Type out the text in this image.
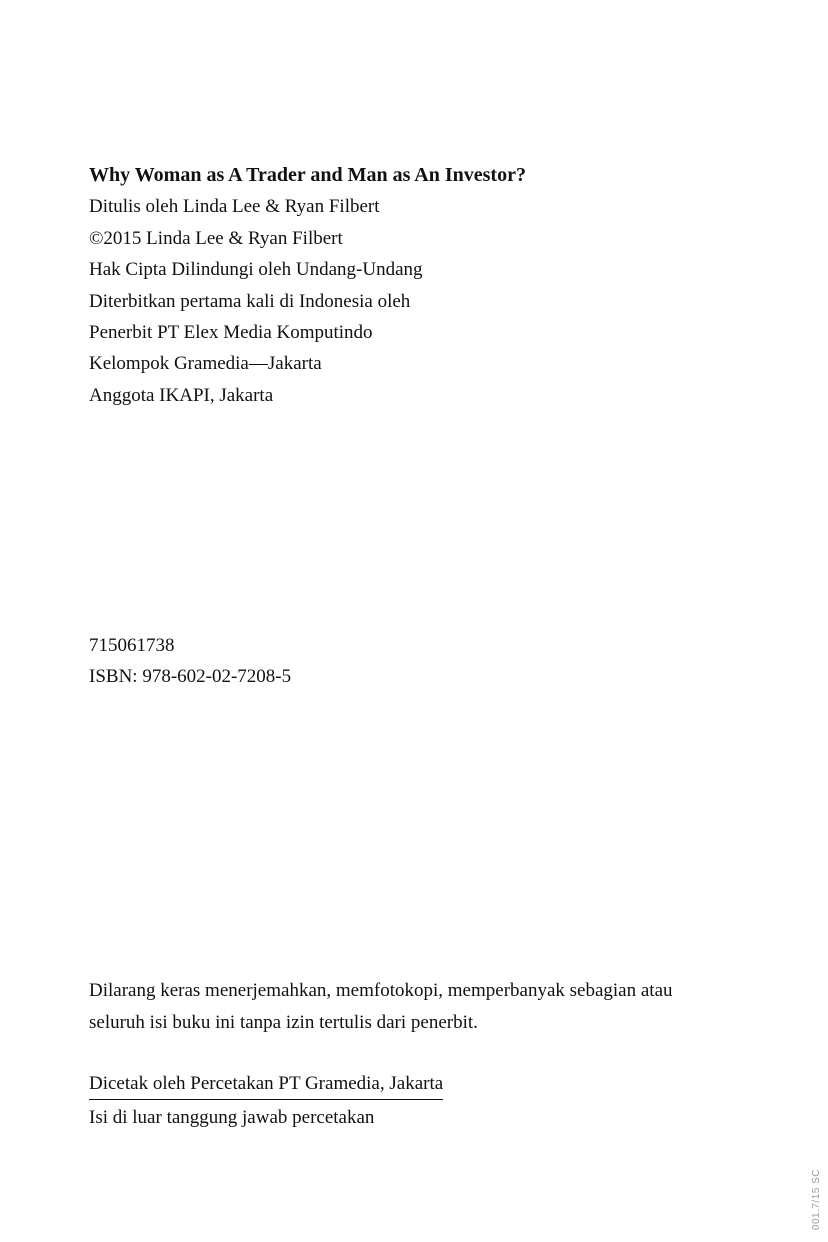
Why Woman as A Trader and Man as An Investor?
Ditulis oleh Linda Lee & Ryan Filbert
©2015 Linda Lee & Ryan Filbert
Hak Cipta Dilindungi oleh Undang-Undang
Diterbitkan pertama kali di Indonesia oleh
Penerbit PT Elex Media Komputindo
Kelompok Gramedia—Jakarta
Anggota IKAPI, Jakarta
715061738
ISBN: 978-602-02-7208-5
Dilarang keras menerjemahkan, memfotokopi, memperbanyak sebagian atau
seluruh isi buku ini tanpa izin tertulis dari penerbit.
Dicetak oleh Percetakan PT Gramedia, Jakarta
Isi di luar tanggung jawab percetakan
001.7/15 SC
